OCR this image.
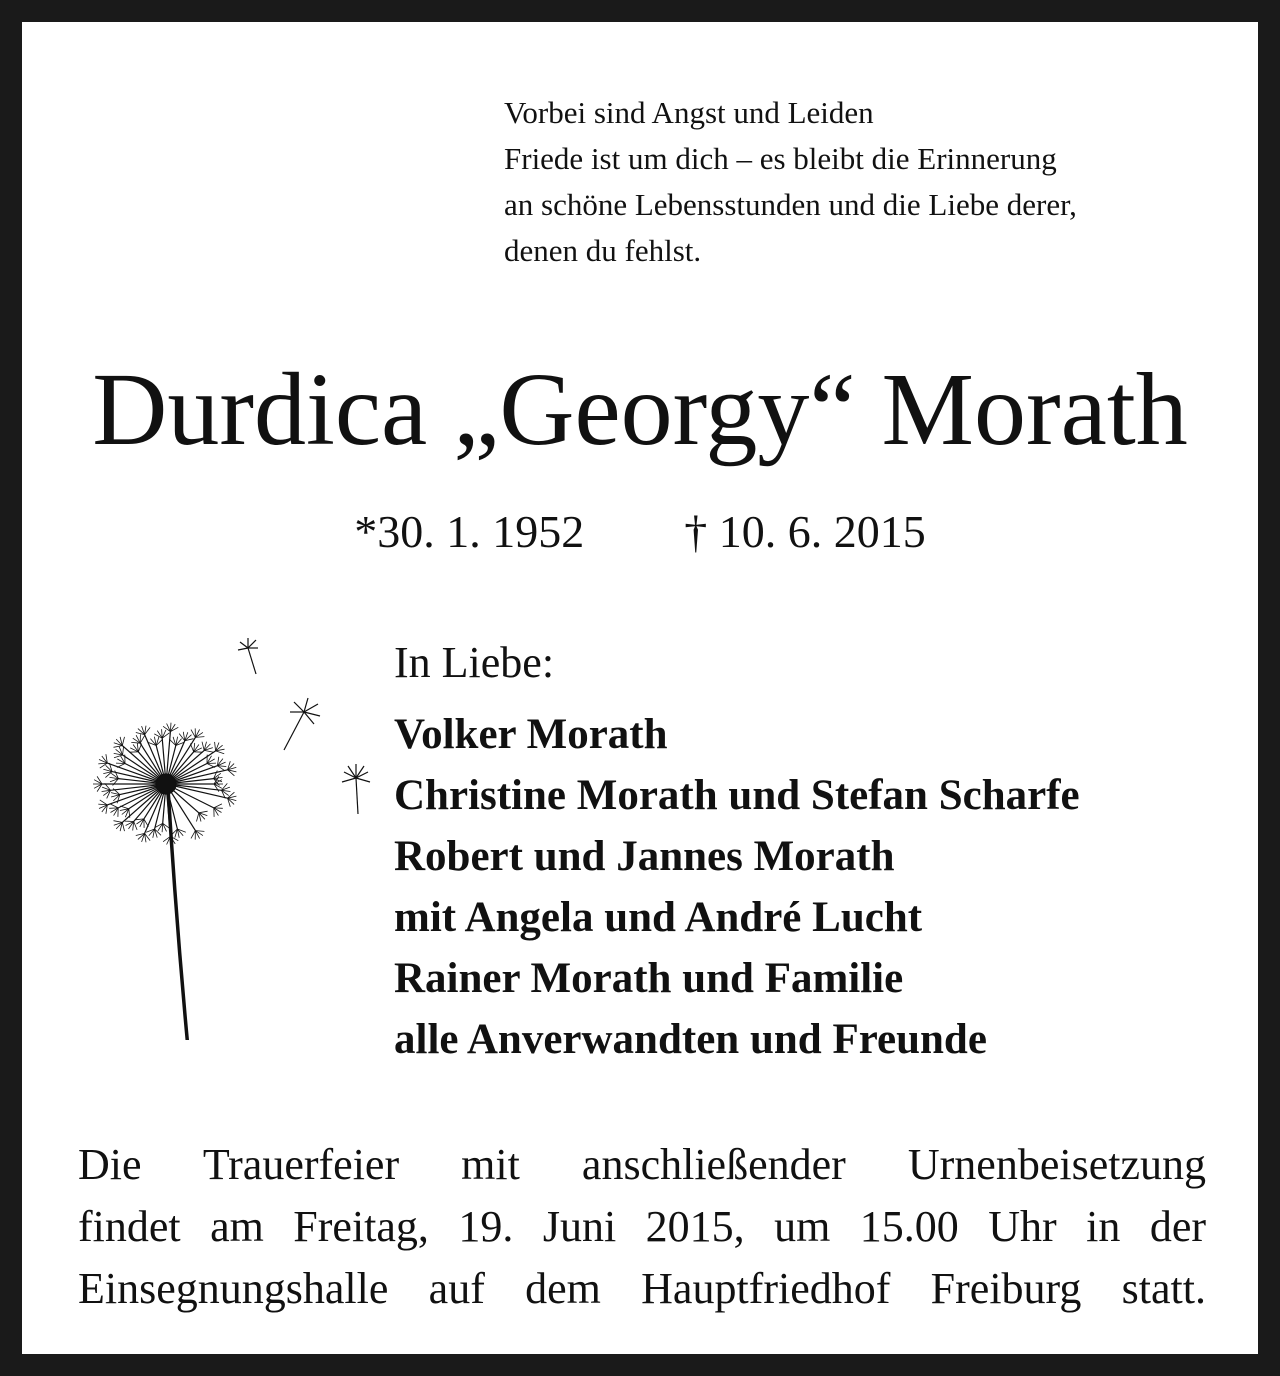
Vorbei sind Angst und Leiden
Friede ist um dich – es bleibt die Erinnerung
an schöne Lebensstunden und die Liebe derer,
denen du fehlst.
Durdica „Georgy“ Morath
*30. 1. 1952 † 10. 6. 2015
In Liebe:
Volker Morath
Christine Morath und Stefan Scharfe
Robert und Jannes Morath
mit Angela und André Lucht
Rainer Morath und Familie
alle Anverwandten und Freunde
Die Trauerfeier mit anschließender Urnenbeisetzung
findet am Freitag, 19. Juni 2015, um 15.00 Uhr in der
Einsegnungshalle auf dem Hauptfriedhof Freiburg statt.
